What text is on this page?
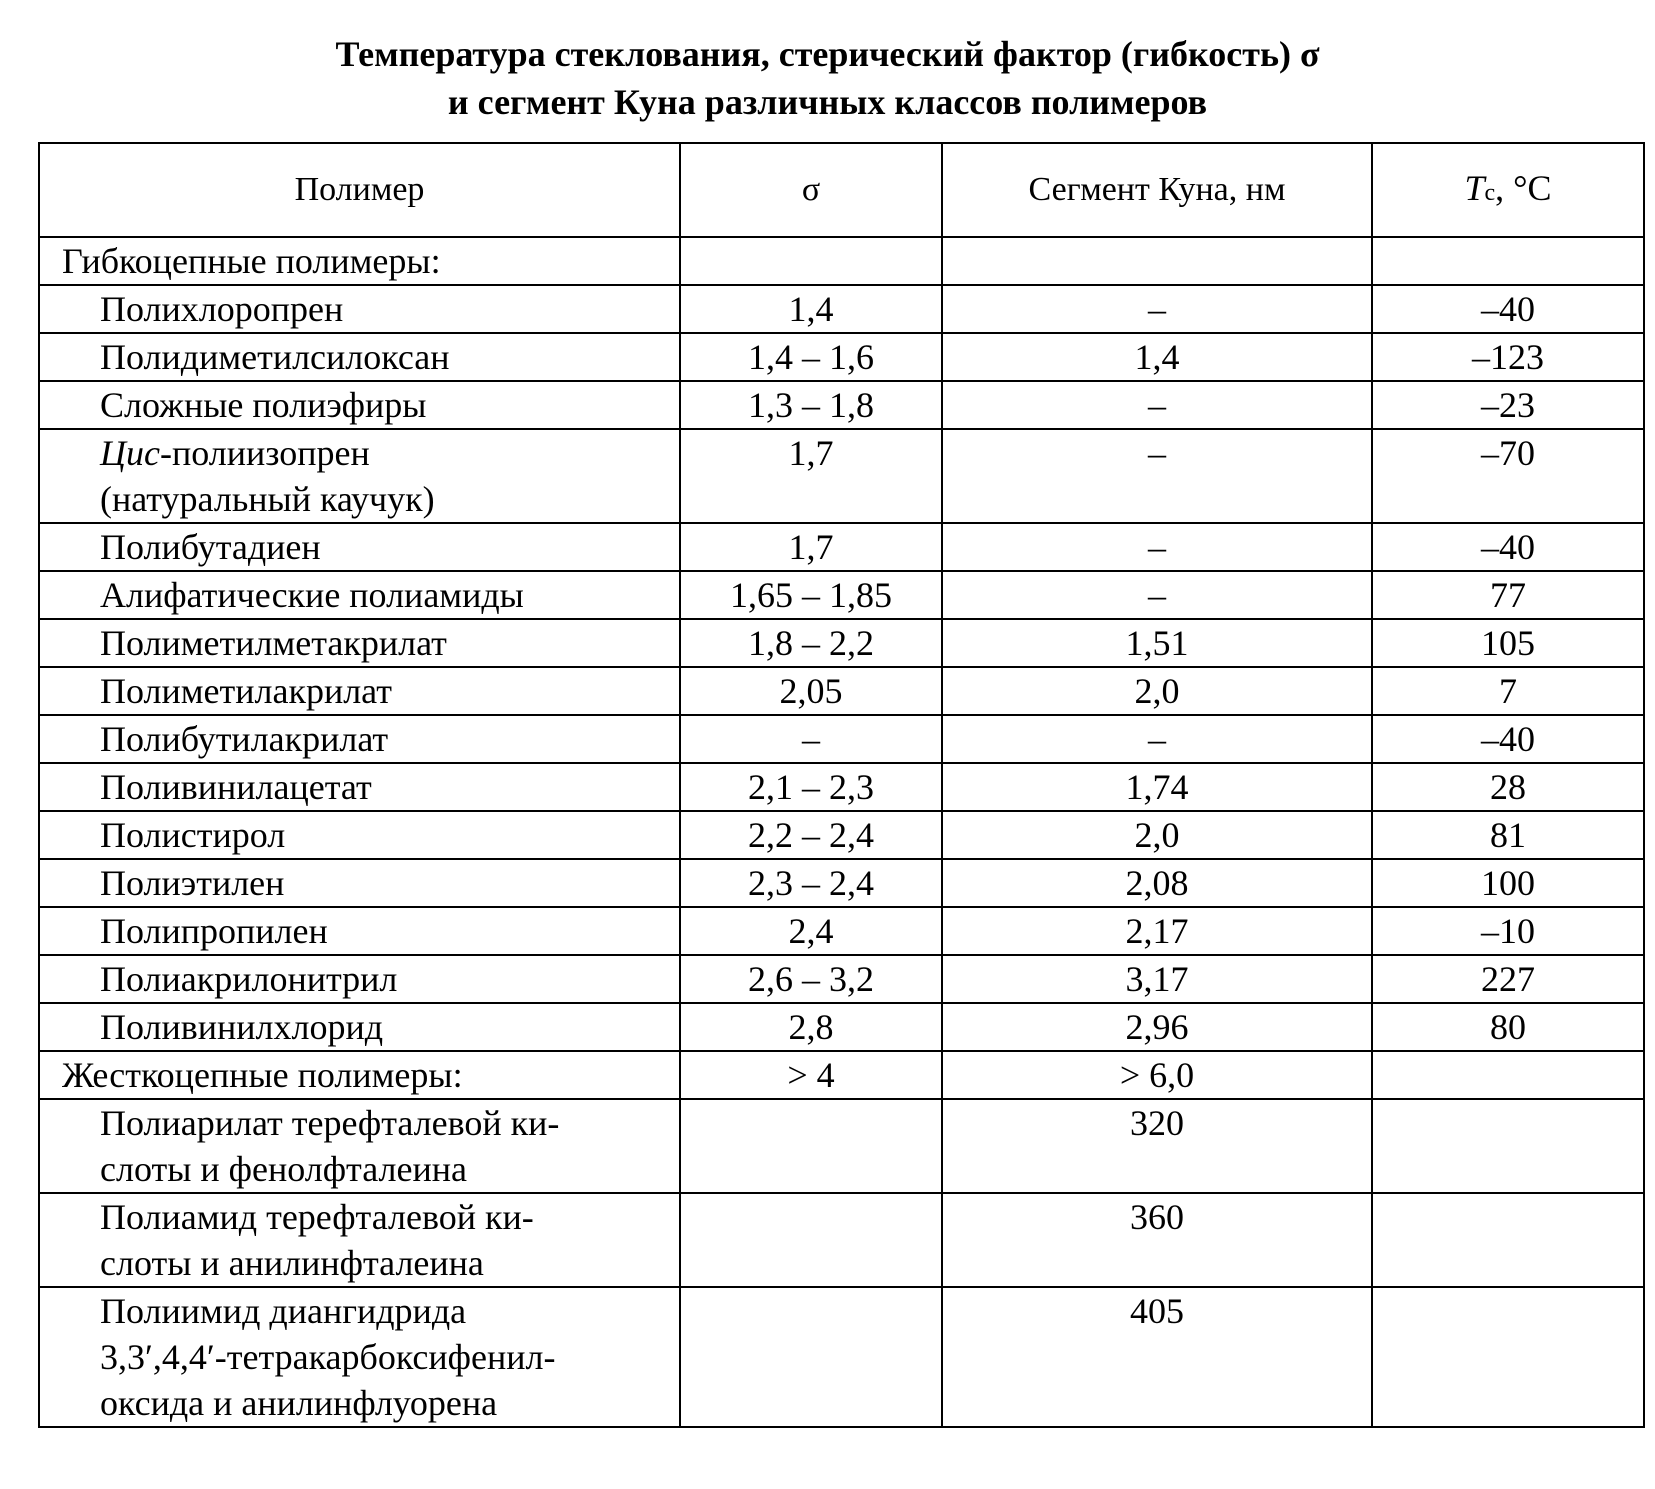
Температура стеклования, стерический фактор (гибкость) σ
и сегмент Куна различных классов полимеров
Полимер	σ	Сегмент Куна, нм	Tc, °C
Гибкоцепные полимеры:			
Полихлоропрен	1,4	–	–40
Полидиметилсилоксан	1,4 – 1,6	1,4	–123
Сложные полиэфиры	1,3 – 1,8	–	–23

Цис-полиизопрен
(натуральный каучук)	1,7	–	–70
Полибутадиен	1,7	–	–40
Алифатические полиамиды	1,65 – 1,85	–	77
Полиметилметакрилат	1,8 – 2,2	1,51	105
Полиметилакрилат	2,05	2,0	7
Полибутилакрилат	–	–	–40
Поливинилацетат	2,1 – 2,3	1,74	28
Полистирол	2,2 – 2,4	2,0	81
Полиэтилен	2,3 – 2,4	2,08	100
Полипропилен	2,4	2,17	–10
Полиакрилонитрил	2,6 – 3,2	3,17	227
Поливинилхлорид	2,8	2,96	80
Жесткоцепные полимеры:	> 4	> 6,0	

Полиарилат терефталевой ки-
слоты и фенолфталеина		320	

Полиамид терефталевой ки-
слоты и анилинфталеина		360	

Полиимид диангидрида
3,3′,4,4′-тетракарбоксифенил-
оксида и анилинфлуорена		405	
